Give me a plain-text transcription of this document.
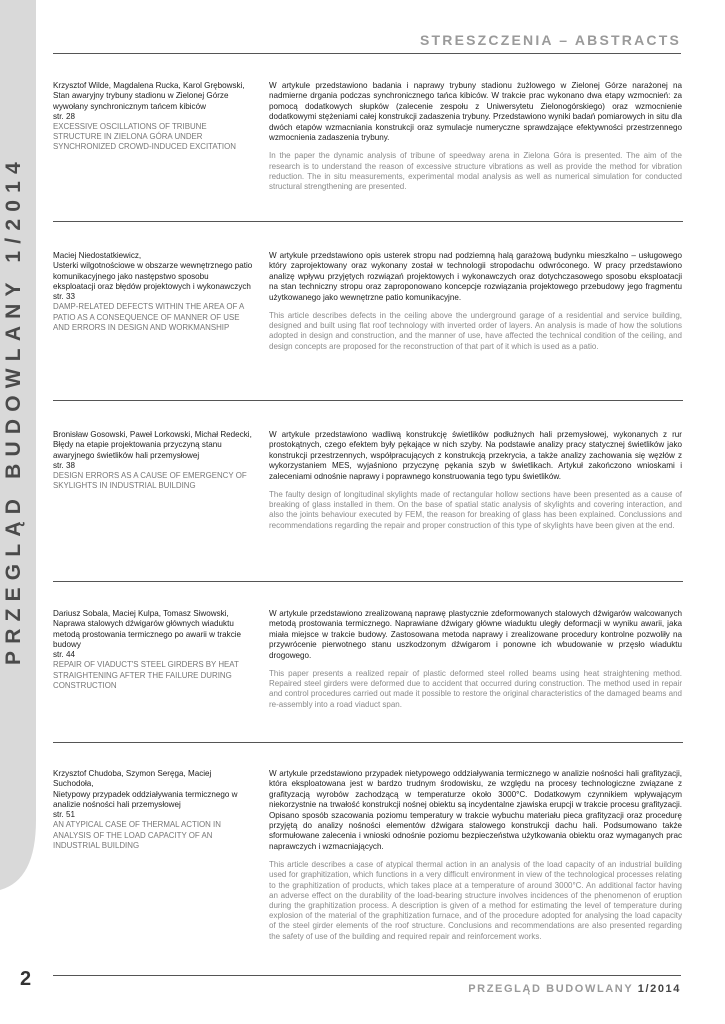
PRZEGLĄD BUDOWLANY 1/2014
2
STRESZCZENIA – ABSTRACTS

Krzysztof Wilde, Magdalena Rucka, Karol Grębowski,

Stan awaryjny trybuny stadionu w Zielonej Górze wywołany synchronicznym tańcem kibiców

str. 28

EXCESSIVE OSCILLATIONS OF TRIBUNE STRUCTURE IN ZIELONA GÓRA UNDER SYNCHRONIZED CROWD-INDUCED EXCITATION

W artykule przedstawiono badania i naprawy trybuny stadionu żużlowego w Zielonej Górze narażonej na nadmierne drgania podczas synchronicznego tańca kibiców. W trakcie prac wykonano dwa etapy wzmocnień: za pomocą dodatkowych słupków (zalecenie zespołu z Uniwersytetu Zielonogórskiego) oraz wzmocnienie dodatkowymi stężeniami całej konstrukcji zadaszenia trybuny. Przedstawiono wyniki badań pomiarowych in situ dla dwóch etapów wzmacniania konstrukcji oraz symulacje numeryczne sprawdzające efektywności przestrzennego wzmocnienia zadaszenia trybuny.

In the paper the dynamic analysis of tribune of speedway arena in Zielona Góra is presented. The aim of the research is to understand the reason of excessive structure vibrations as well as provide the method for vibration reduction. The in situ measurements, experimental modal analysis as well as numerical simulation for conducted structural strengthening are presented.

Maciej Niedostatkiewicz,

Usterki wilgotnościowe w obszarze wewnętrznego patio komunikacyjnego jako następstwo sposobu eksploatacji oraz błędów projektowych i wykonawczych

str. 33

DAMP-RELATED DEFECTS WITHIN THE AREA OF A PATIO AS A CONSEQUENCE OF MANNER OF USE AND ERRORS IN DESIGN AND WORKMANSHIP

W artykule przedstawiono opis usterek stropu nad podziemną halą garażową budynku mieszkalno – usługowego który zaprojektowany oraz wykonany został w technologii stropodachu odwróconego. W pracy przedstawiono analizę wpływu przyjętych rozwiązań projektowych i wykonawczych oraz dotychczasowego sposobu eksploatacji na stan techniczny stropu oraz zaproponowano koncepcje rozwiązania projektowego przebudowy jego fragmentu użytkowanego jako wewnętrzne patio komunikacyjne.

This article describes defects in the ceiling above the underground garage of a residential and service building, designed and built using flat roof technology with inverted order of layers. An analysis is made of how the solutions adopted in design and construction, and the manner of use, have affected the technical condition of the ceiling, and design concepts are proposed for the reconstruction of that part of it which is used as a patio.

Bronisław Gosowski, Paweł Lorkowski, Michał Redecki,

Błędy na etapie projektowania przyczyną stanu awaryjnego świetlików hali przemysłowej

str. 38

DESIGN ERRORS AS A CAUSE OF EMERGENCY OF SKYLIGHTS IN INDUSTRIAL BUILDING

W artykule przedstawiono wadliwą konstrukcję świetlików podłużnych hali przemysłowej, wykonanych z rur prostokątnych, czego efektem były pękające w nich szyby. Na podstawie analizy pracy statycznej świetlików jako konstrukcji przestrzennych, współpracujących z konstrukcją przekrycia, a także analizy zachowania się węzłów z wykorzystaniem MES, wyjaśniono przyczynę pękania szyb w świetlikach. Artykuł zakończono wnioskami i zaleceniami odnośnie naprawy i poprawnego konstruowania tego typu świetlików.

The faulty design of longitudinal skylights made of rectangular hollow sections have been presented as a cause of breaking of glass installed in them. On the base of spatial static analysis of skylights and covering interaction, and also the joints behaviour executed by FEM, the reason for breaking of glass has been explained. Conclussions and recommendations regarding the repair and proper construction of this type of skylights have been given at the end.

Dariusz Sobala, Maciej Kulpa, Tomasz Siwowski,

Naprawa stalowych dźwigarów głównych wiaduktu metodą prostowania termicznego po awarii w trakcie budowy

str. 44

REPAIR OF VIADUCT'S STEEL GIRDERS BY HEAT STRAIGHTENING AFTER THE FAILURE DURING CONSTRUCTION

W artykule przedstawiono zrealizowaną naprawę plastycznie zdeformowanych stalowych dźwigarów walcowanych metodą prostowania termicznego. Naprawiane dźwigary główne wiaduktu uległy deformacji w wyniku awarii, jaka miała miejsce w trakcie budowy. Zastosowana metoda naprawy i zrealizowane procedury kontrolne pozwoliły na przywrócenie pierwotnego stanu uszkodzonym dźwigarom i ponowne ich wbudowanie w przęsło wiaduktu drogowego.

This paper presents a realized repair of plastic deformed steel rolled beams using heat straightening method. Repaired steel girders were deformed due to accident that occurred during construction. The method used in repair and control procedures carried out made it possible to restore the original characteristics of the damaged beams and re-assembly into a road viaduct span.

Krzysztof Chudoba, Szymon Seręga, Maciej Suchodoła,

Nietypowy przypadek oddziaływania termicznego w analizie nośności hali przemysłowej

str. 51

AN ATYPICAL CASE OF THERMAL ACTION IN ANALYSIS OF THE LOAD CAPACITY OF AN INDUSTRIAL BUILDING

W artykule przedstawiono przypadek nietypowego oddziaływania termicznego w analizie nośności hali grafityzacji, która eksploatowana jest w bardzo trudnym środowisku, ze względu na procesy technologiczne związane z grafityzacją wyrobów zachodzącą w temperaturze około 3000°C. Dodatkowym czynnikiem wpływającym niekorzystnie na trwałość konstrukcji nośnej obiektu są incydentalne zjawiska erupcji w trakcie procesu grafityzacji. Opisano sposób szacowania poziomu temperatury w trakcie wybuchu materiału pieca grafityzacji oraz procedurę przyjętą do analizy nośności elementów dźwigara stalowego konstrukcji dachu hali. Podsumowano także sformułowane zalecenia i wnioski odnośnie poziomu bezpieczeństwa użytkowania obiektu oraz wymaganych prac naprawczych i wzmacniających.

This article describes a case of atypical thermal action in an analysis of the load capacity of an industrial building used for graphitization, which functions in a very difficult environment in view of the technological processes relating to the graphitization of products, which takes place at a temperature of around 3000°C. An additional factor having an adverse effect on the durability of the load-bearing structure involves incidences of the phenomenon of eruption during the graphitization process. A description is given of a method for estimating the level of temperature during explosion of the material of the graphitization furnace, and of the procedure adopted for analysing the load capacity of the steel girder elements of the roof structure. Conclusions and recommendations are also presented regarding the safety of use of the building and required repair and reinforcement works.

PRZEGLĄD BUDOWLANY 1/2014
